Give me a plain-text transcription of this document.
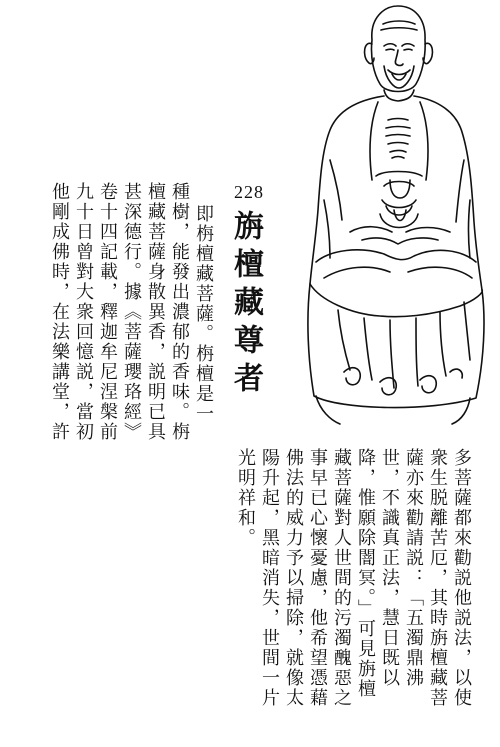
228
旃檀藏尊者
即栴檀藏菩薩。栴檀是一
種樹，能發出濃郁的香味。栴
檀藏菩薩身散異香，説明已具
甚深德行。據《菩薩瓔珞經》
卷十四記載，釋迦牟尼涅槃前
九十日曾對大衆回憶説，當初
他剛成佛時，在法樂講堂，許
多菩薩都來勸説他説法，以使
衆生脱離苦厄，其時旃檀藏菩
薩亦來勸請説：「五濁鼎沸
世，不識真正法，慧日既以
降，惟願除闇冥。」可見旃檀
藏菩薩對人世間的污濁醜惡之
事早已心懷憂慮，他希望憑藉
佛法的威力予以掃除，就像太
陽升起，黑暗消失，世間一片
光明祥和。
